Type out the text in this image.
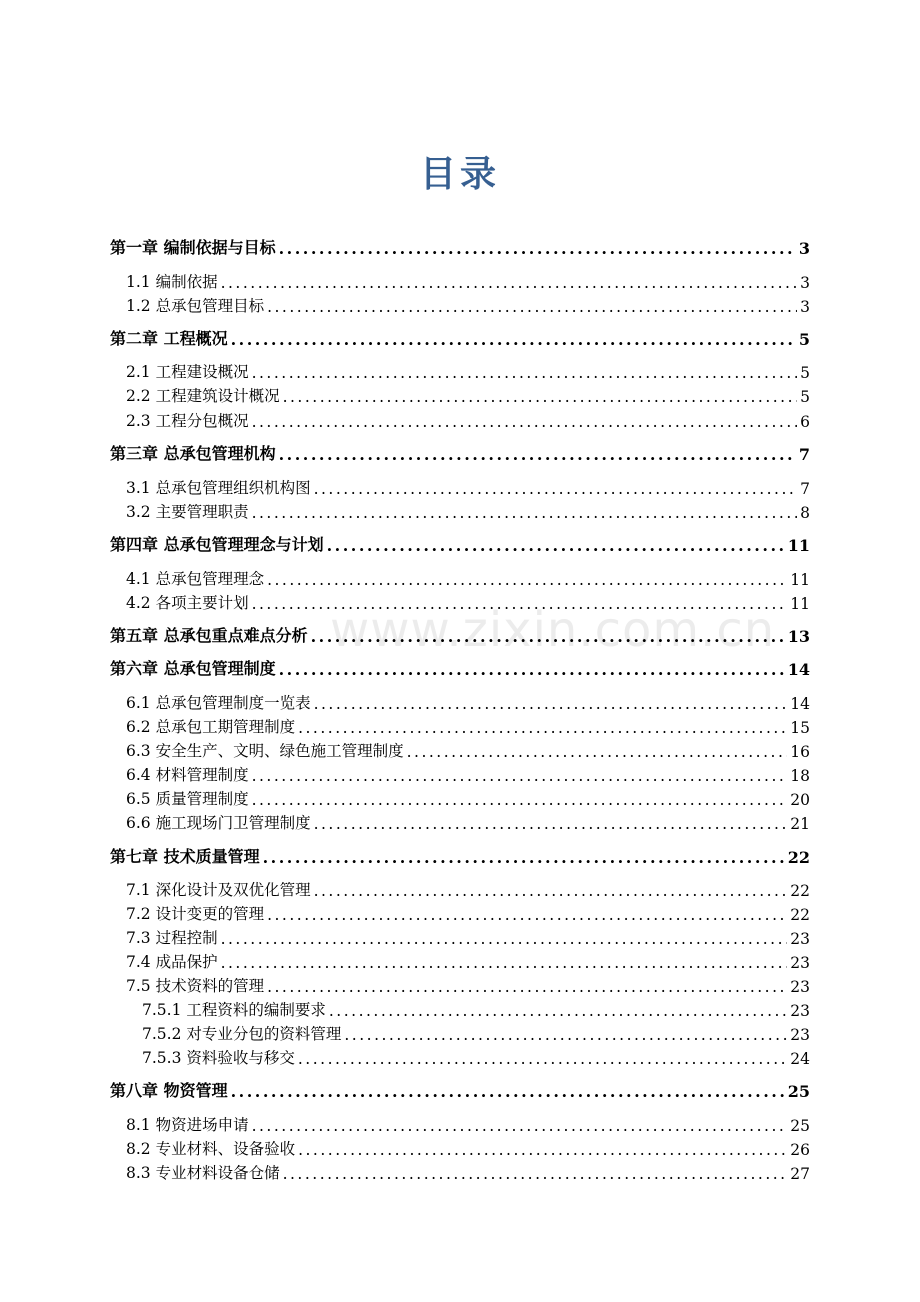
目录
www.zixin.com.cn
第一章 编制依据与目标 .....	3
1.1 编制依据 .....	3
1.2 总承包管理目标 .....	3
第二章 工程概况 .....	5
2.1 工程建设概况 .....	5
2.2 工程建筑设计概况 .....	5
2.3 工程分包概况 .....	6
第三章 总承包管理机构 .....	7
3.1 总承包管理组织机构图 .....	7
3.2 主要管理职责 .....	8
第四章 总承包管理理念与计划 .....	11
4.1 总承包管理理念 .....	11
4.2 各项主要计划 .....	11
第五章 总承包重点难点分析 .....	13
第六章 总承包管理制度 .....	14
6.1 总承包管理制度一览表 .....	14
6.2 总承包工期管理制度 .....	15
6.3 安全生产、文明、绿色施工管理制度 .....	16
6.4 材料管理制度 .....	18
6.5 质量管理制度 .....	20
6.6 施工现场门卫管理制度 .....	21
第七章 技术质量管理 .....	22
7.1 深化设计及双优化管理 .....	22
7.2 设计变更的管理 .....	22
7.3 过程控制 .....	23
7.4 成品保护 .....	23
7.5 技术资料的管理 .....	23
7.5.1 工程资料的编制要求 .....	23
7.5.2 对专业分包的资料管理 .....	23
7.5.3 资料验收与移交 .....	24
第八章 物资管理 .....	25
8.1 物资进场申请 .....	25
8.2 专业材料、设备验收 .....	26
8.3 专业材料设备仓储 .....	27
